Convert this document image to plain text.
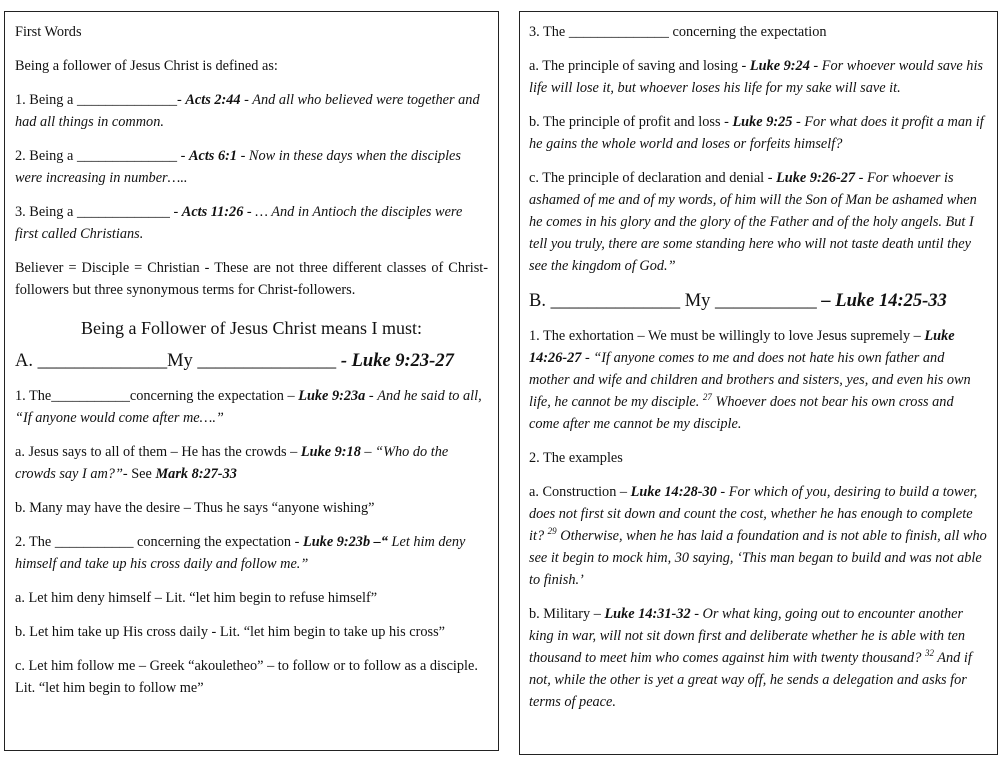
First Words

Being a follower of Jesus Christ is defined as:

1. Being a ______________- Acts 2:44 - And all who believed were together and had all things in common.

2. Being a ______________ - Acts 6:1 - Now in these days when the disciples were increasing in number…..

3. Being a _____________ - Acts 11:26 - … And in Antioch the disciples were first called Christians.

Believer = Disciple = Christian - These are not three different classes of Christ-followers but three synonymous terms for Christ-followers.

Being a Follower of Jesus Christ means I must:

A. ______________My _______________ - Luke 9:23-27

1. The___________concerning the expectation – Luke 9:23a - And he said to all, “If anyone would come after me….”

a. Jesus says to all of them – He has the crowds – Luke 9:18 – “Who do the crowds say I am?”- See Mark 8:27-33

b. Many may have the desire – Thus he says “anyone wishing”

2. The ___________ concerning the expectation - Luke 9:23b –“ Let him deny himself and take up his cross daily and follow me.”

a. Let him deny himself – Lit. “let him begin to refuse himself”

b. Let him take up His cross daily - Lit. “let him begin to take up his cross”

c. Let him follow me – Greek “akouletheo” – to follow or to follow as a disciple. Lit. “let him begin to follow me”

3. The ______________ concerning the expectation

a. The principle of saving and losing - Luke 9:24 - For whoever would save his life will lose it, but whoever loses his life for my sake will save it.

b. The principle of profit and loss - Luke 9:25 - For what does it profit a man if he gains the whole world and loses or forfeits himself?

c. The principle of declaration and denial - Luke 9:26-27 - For whoever is ashamed of me and of my words, of him will the Son of Man be ashamed when he comes in his glory and the glory of the Father and of the holy angels. But I tell you truly, there are some standing here who will not taste death until they see the kingdom of God.”

B. ______________ My ___________ – Luke 14:25-33

1. The exhortation – We must be willingly to love Jesus supremely – Luke 14:26-27 - “If anyone comes to me and does not hate his own father and mother and wife and children and brothers and sisters, yes, and even his own life, he cannot be my disciple. $^{27}$ Whoever does not bear his own cross and come after me cannot be my disciple.

2. The examples

a. Construction – Luke 14:28-30 - For which of you, desiring to build a tower, does not first sit down and count the cost, whether he has enough to complete it? $^{29}$ Otherwise, when he has laid a foundation and is not able to finish, all who see it begin to mock him, 30 saying, ‘This man began to build and was not able to finish.’

b. Military – Luke 14:31-32 - Or what king, going out to encounter another king in war, will not sit down first and deliberate whether he is able with ten thousand to meet him who comes against him with twenty thousand? $^{32}$ And if not, while the other is yet a great way off, he sends a delegation and asks for terms of peace.
